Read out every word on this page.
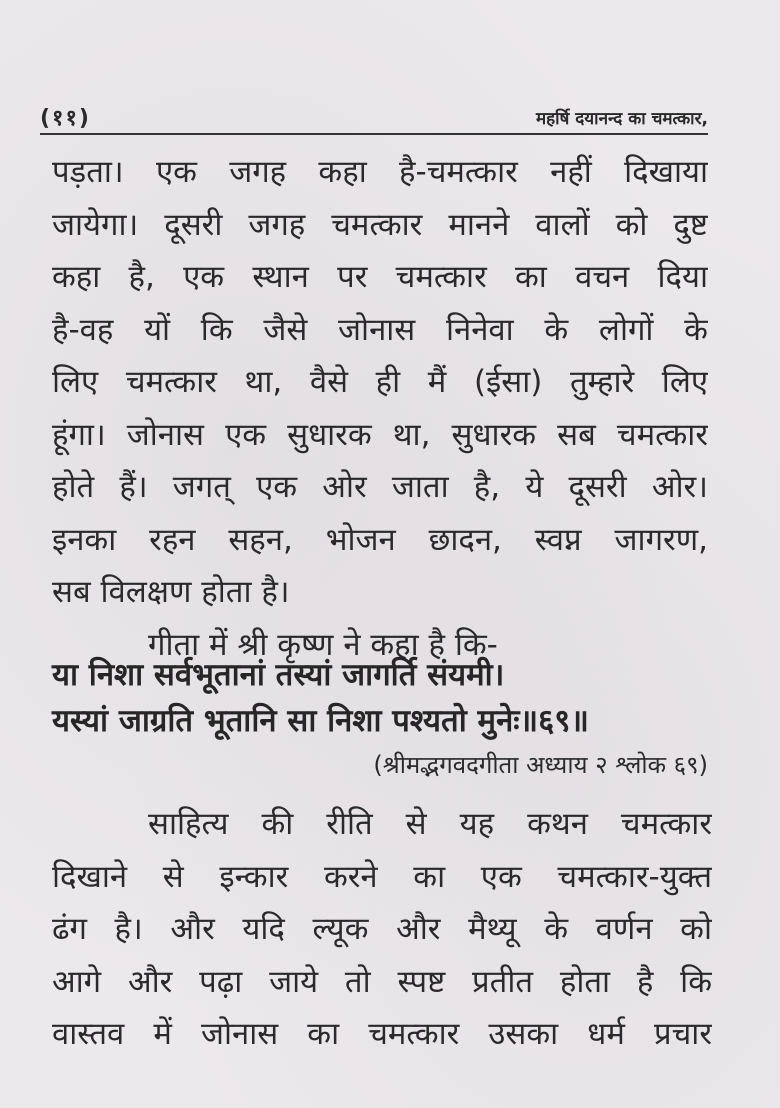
(११)	महर्षि दयानन्द का चमत्कार,
पड़ता। एक जगह कहा है-चमत्कार नहीं दिखाया
जायेगा। दूसरी जगह चमत्कार मानने वालों को दुष्ट
कहा है, एक स्थान पर चमत्कार का वचन दिया
है-वह यों कि जैसे जोनास निनेवा के लोगों के
लिए चमत्कार था, वैसे ही मैं (ईसा) तुम्हारे लिए
हूंगा। जोनास एक सुधारक था, सुधारक सब चमत्कार
होते हैं। जगत् एक ओर जाता है, ये दूसरी ओर।
इनका रहन सहन, भोजन छादन, स्वप्न जागरण,
सब विलक्षण होता है।
गीता में श्री कृष्ण ने कहा है कि-
या निशा सर्वभूतानां तस्यां जागर्ति संयमी।
यस्यां जाग्रति भूतानि सा निशा पश्यतो मुनेः॥६९॥
(श्रीमद्भगवदगीता अध्याय २ श्लोक ६९)
साहित्य की रीति से यह कथन चमत्कार
दिखाने से इन्कार करने का एक चमत्कार-युक्त
ढंग है। और यदि ल्यूक और मैथ्यू के वर्णन को
आगे और पढ़ा जाये तो स्पष्ट प्रतीत होता है कि
वास्तव में जोनास का चमत्कार उसका धर्म प्रचार
